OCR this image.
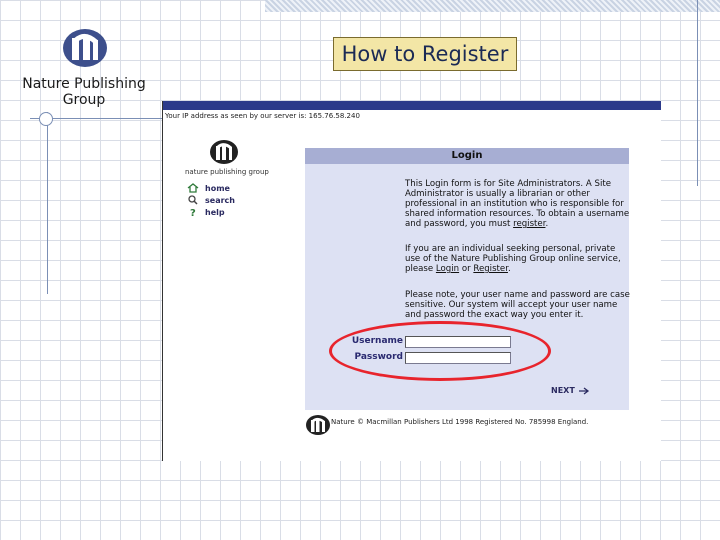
Nature Publishing Group
How to Register
Your IP address as seen by our server is: 165.76.58.240
nature publishing group
home
search
? help
Login
This Login form is for Site Administrators. A Site Administrator is usually a librarian or other professional in an institution who is responsible for shared information resources. To obtain a username and password, you must register.
If you are an individual seeking personal, private use of the Nature Publishing Group online service, please Login or Register.
Please note, your user name and password are case sensitive. Our system will accept your user name and password the exact way you enter it.
Username
Password
NEXT
Nature © Macmillan Publishers Ltd 1998 Registered No. 785998 England.
